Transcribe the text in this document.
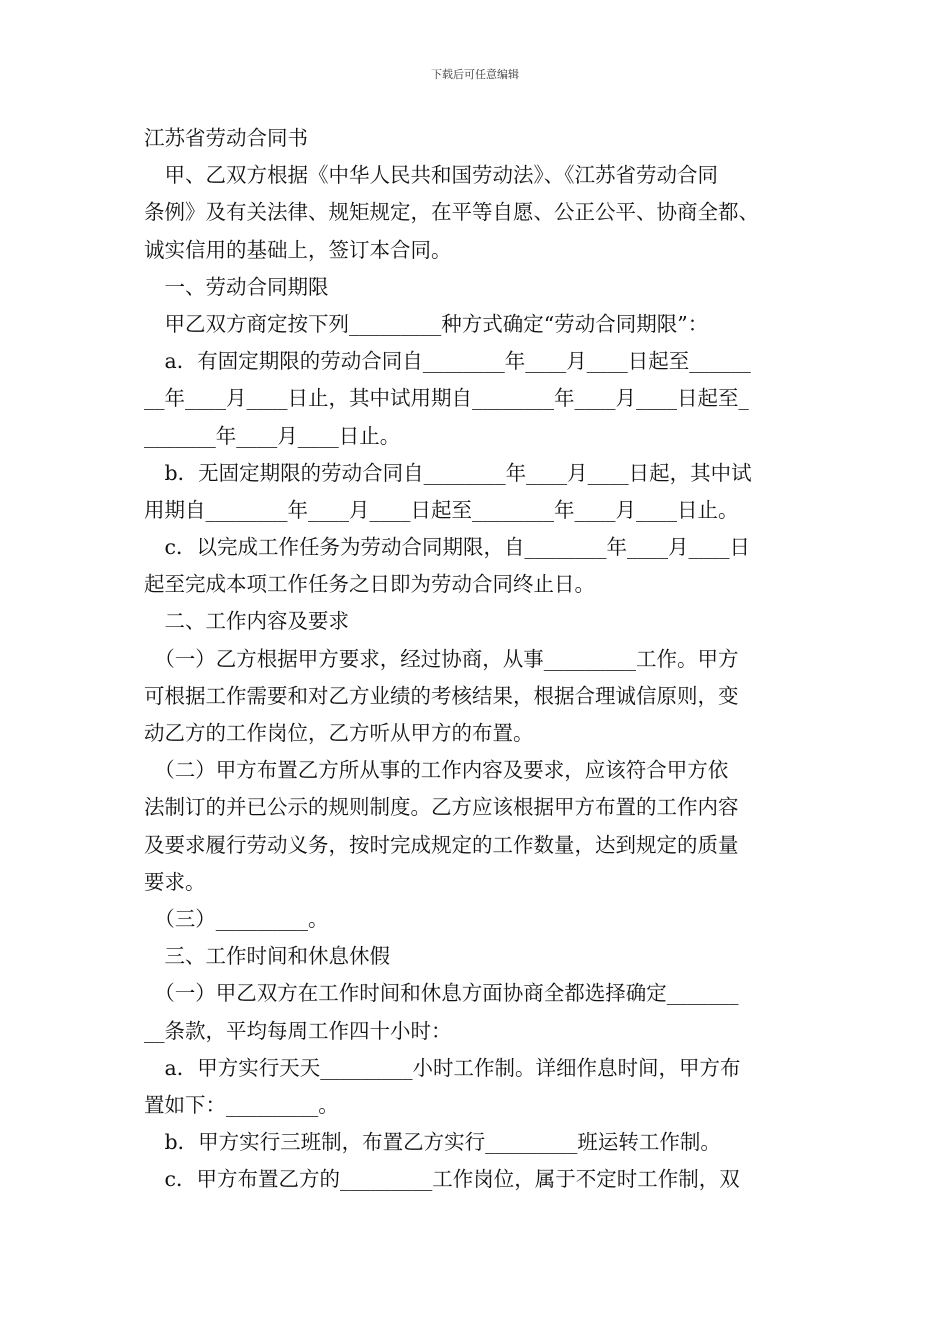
下载后可任意编辑
江苏省劳动合同书
　甲、乙双方根据《中华人民共和国劳动法》、《江苏省劳动合同
条例》及有关法律、规矩规定，在平等自愿、公正公平、协商全都、
诚实信用的基础上，签订本合同。
　一、劳动合同期限
　甲乙双方商定按下列_________种方式确定“劳动合同期限”：
　a．有固定期限的劳动合同自________年____月____日起至______
__年____月____日止，其中试用期自________年____月____日起至_
_______年____月____日止。
　b．无固定期限的劳动合同自________年____月____日起，其中试
用期自________年____月____日起至________年____月____日止。
　c．以完成工作任务为劳动合同期限，自________年____月____日
起至完成本项工作任务之日即为劳动合同终止日。
　二、工作内容及要求
　（一）乙方根据甲方要求，经过协商，从事_________工作。甲方
可根据工作需要和对乙方业绩的考核结果，根据合理诚信原则，变
动乙方的工作岗位，乙方听从甲方的布置。
　（二）甲方布置乙方所从事的工作内容及要求，应该符合甲方依
法制订的并已公示的规则制度。乙方应该根据甲方布置的工作内容
及要求履行劳动义务，按时完成规定的工作数量，达到规定的质量
要求。
　（三）_________。
　三、工作时间和休息休假
　（一）甲乙双方在工作时间和休息方面协商全都选择确定_______
__条款，平均每周工作四十小时：
　a．甲方实行天天_________小时工作制。详细作息时间，甲方布
置如下：_________。
　b．甲方实行三班制，布置乙方实行_________班运转工作制。
　c．甲方布置乙方的_________工作岗位，属于不定时工作制，双
